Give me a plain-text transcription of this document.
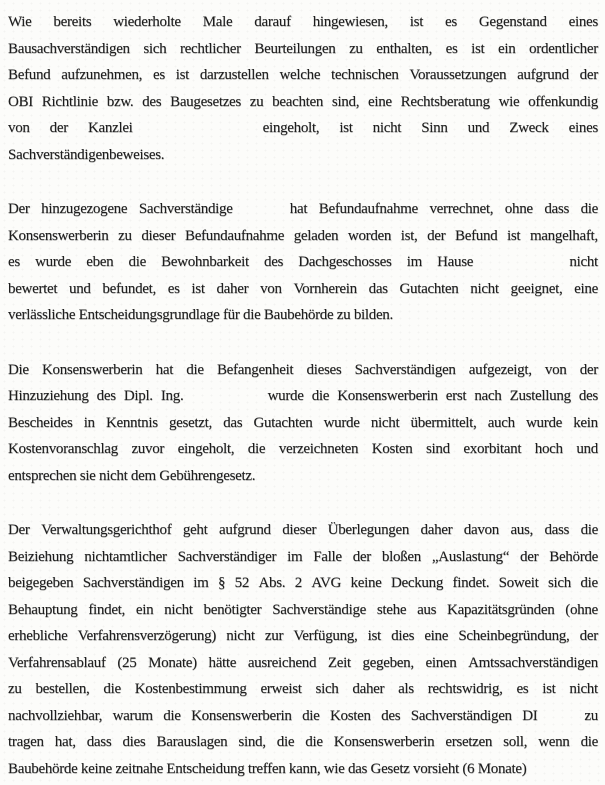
Wie bereits wiederholte Male darauf hingewiesen, ist es Gegenstand eines
Bausachverständigen sich rechtlicher Beurteilungen zu enthalten, es ist ein ordentlicher
Befund aufzunehmen, es ist darzustellen welche technischen Voraussetzungen aufgrund der
OBI Richtlinie bzw. des Baugesetzes zu beachten sind, eine Rechtsberatung wie offenkundig
von der Kanzlei	eingeholt, ist nicht Sinn und Zweck eines
Sachverständigenbeweises.
Der hinzugezogene Sachverständige	hat Befundaufnahme verrechnet, ohne dass die
Konsenswerberin zu dieser Befundaufnahme geladen worden ist, der Befund ist mangelhaft,
es wurde eben die Bewohnbarkeit des Dachgeschosses im Hause	nicht
bewertet und befundet, es ist daher von Vornherein das Gutachten nicht geeignet, eine
verlässliche Entscheidungsgrundlage für die Baubehörde zu bilden.
Die Konsenswerberin hat die Befangenheit dieses Sachverständigen aufgezeigt, von der
Hinzuziehung des Dipl. Ing.	wurde die Konsenswerberin erst nach Zustellung des
Bescheides in Kenntnis gesetzt, das Gutachten wurde nicht übermittelt, auch wurde kein
Kostenvoranschlag zuvor eingeholt, die verzeichneten Kosten sind exorbitant hoch und
entsprechen sie nicht dem Gebührengesetz.
Der Verwaltungsgerichthof geht aufgrund dieser Überlegungen daher davon aus, dass die
Beiziehung nichtamtlicher Sachverständiger im Falle der bloßen „Auslastung“ der Behörde
beigegeben Sachverständigen im § 52 Abs. 2 AVG keine Deckung findet. Soweit sich die
Behauptung findet, ein nicht benötigter Sachverständige stehe aus Kapazitätsgründen (ohne
erhebliche Verfahrensverzögerung) nicht zur Verfügung, ist dies eine Scheinbegründung, der
Verfahrensablauf (25 Monate) hätte ausreichend Zeit gegeben, einen Amtssachverständigen
zu bestellen, die Kostenbestimmung erweist sich daher als rechtswidrig, es ist nicht
nachvollziehbar, warum die Konsenswerberin die Kosten des Sachverständigen DI	zu
tragen hat, dass dies Barauslagen sind, die die Konsenswerberin ersetzen soll, wenn die
Baubehörde keine zeitnahe Entscheidung treffen kann, wie das Gesetz vorsieht (6 Monate)
